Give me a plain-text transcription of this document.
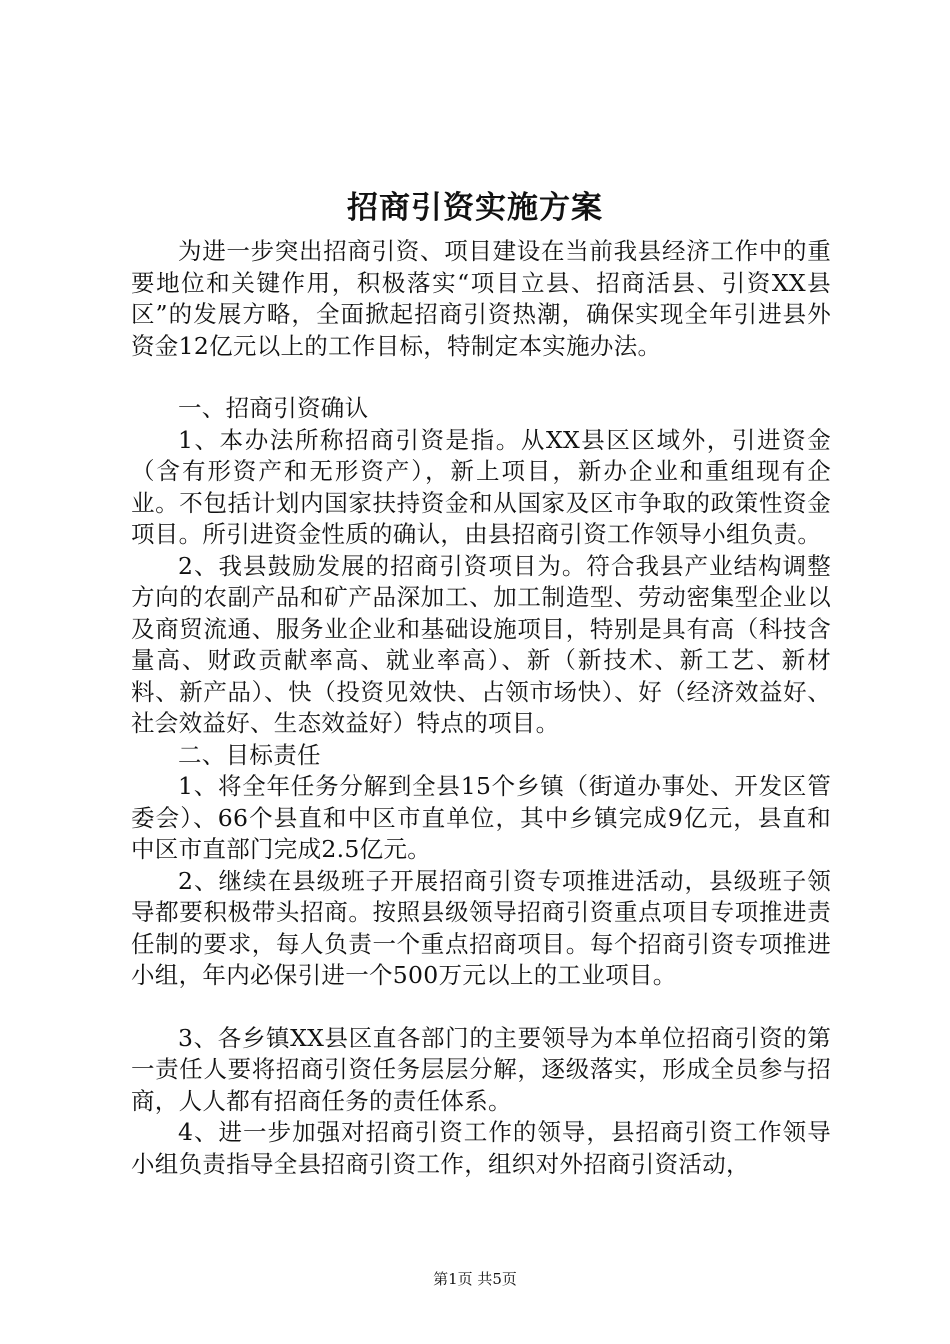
招商引资实施方案

为进一步突出招商引资、项目建设在当前我县经济工作中的重要地位和关键作用，积极落实“项目立县、招商活县、引资XX县区”的发展方略，全面掀起招商引资热潮，确保实现全年引进县外资金12亿元以上的工作目标，特制定本实施办法。

一、招商引资确认

1、本办法所称招商引资是指。从XX县区区域外，引进资金（含有形资产和无形资产），新上项目，新办企业和重组现有企业。不包括计划内国家扶持资金和从国家及区市争取的政策性资金项目。所引进资金性质的确认，由县招商引资工作领导小组负责。

2、我县鼓励发展的招商引资项目为。符合我县产业结构调整方向的农副产品和矿产品深加工、加工制造型、劳动密集型企业以及商贸流通、服务业企业和基础设施项目，特别是具有高（科技含量高、财政贡献率高、就业率高）、新（新技术、新工艺、新材料、新产品）、快（投资见效快、占领市场快）、好（经济效益好、社会效益好、生态效益好）特点的项目。

二、目标责任

1、将全年任务分解到全县15个乡镇（街道办事处、开发区管委会）、66个县直和中区市直单位，其中乡镇完成9亿元，县直和中区市直部门完成2.5亿元。

2、继续在县级班子开展招商引资专项推进活动，县级班子领导都要积极带头招商。按照县级领导招商引资重点项目专项推进责任制的要求，每人负责一个重点招商项目。每个招商引资专项推进小组，年内必保引进一个500万元以上的工业项目。

3、各乡镇XX县区直各部门的主要领导为本单位招商引资的第一责任人要将招商引资任务层层分解，逐级落实，形成全员参与招商，人人都有招商任务的责任体系。

4、进一步加强对招商引资工作的领导，县招商引资工作领导小组负责指导全县招商引资工作，组织对外招商引资活动，

第1页 共5页
